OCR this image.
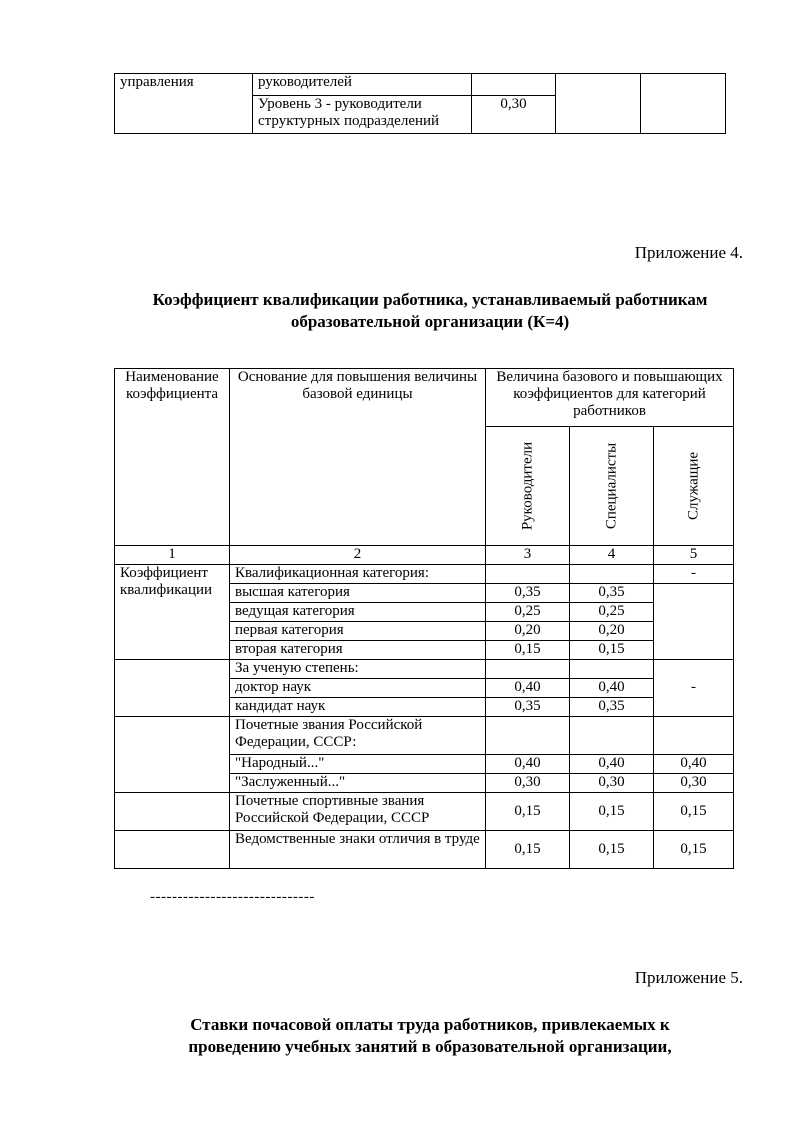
управления	руководителей			
	Уровень 3 - руководители структурных подразделений	0,30		
Приложение 4.
Коэффициент квалификации работника, устанавливаемый работникам
образовательной организации (К=4)
Наименование коэффициента	Основание для повышения величины базовой единицы	Величина базового и повышающих коэффициентов для категорий работников		

		Руководители	Специалисты	Служащие

1	2	3	4	5
Коэффициент квалификации	Квалификационная категория:			-
	высшая категория	0,35	0,35	
	ведущая категория	0,25	0,25	
	первая категория	0,20	0,20	
	вторая категория	0,15	0,15	
	За ученую степень:			
	доктор наук	0,40	0,40	-
	кандидат наук	0,35	0,35	
	Почетные звания Российской Федерации, СССР:			
	"Народный..."	0,40	0,40	0,40
	"Заслуженный..."	0,30	0,30	0,30
	Почетные спортивные звания Российской Федерации, СССР	0,15	0,15	0,15
	Ведомственные знаки отличия в труде	0,15	0,15	0,15
------------------------------
Приложение 5.
Ставки почасовой оплаты труда работников, привлекаемых к
проведению учебных занятий в образовательной организации,
